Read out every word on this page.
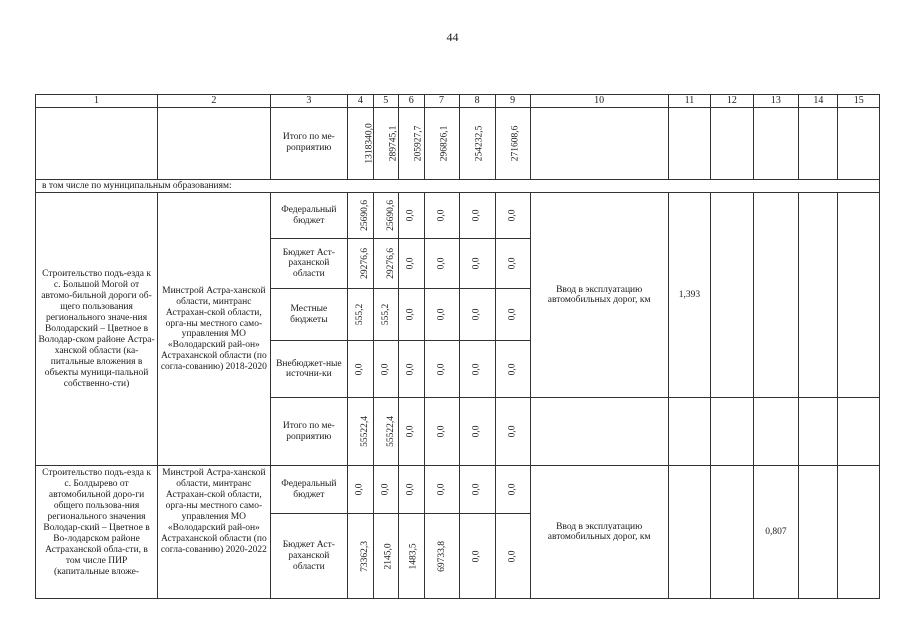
44
1	2	3	4	5	6	7	8	9	10	11	12	13	14	15
		Итого по ме-роприятию	1318340,0	289745,1	205927,7	296826,1	254232,5	271608,6						
в том числе по муниципальным образованиям:														
Строительство подъ-езда к с. Большой Могой от автомо-бильной дороги об-щего пользования регионального значе-ния Володарский – Цветное в Володар-ском районе Астра-ханской области (ка-питальные вложения в объекты муници-пальной собственно-сти)	Минстрой Астра-ханской области, минтранс Астрахан-ской области, орга-ны местного само-управления МО «Володарский рай-он» Астраханской области (по согла-сованию) 2018-2020	Федеральный бюджет	25690,6	25690,6	0,0	0,0	0,0	0,0	Ввод в эксплуатацию автомобильных дорог, км	1,393				
		Бюджет Аст-раханской области	29276,6	29276,6	0,0	0,0	0,0	0,0						
		Местные бюджеты	555,2	555,2	0,0	0,0	0,0	0,0						
		Внебюджет-ные источни-ки	0,0	0,0	0,0	0,0	0,0	0,0						
		Итого по ме-роприятию	55522,4	55522,4	0,0	0,0	0,0	0,0						
Строительство подъ-езда к с. Болдырево от автомобильной доро-ги общего пользова-ния регионального значения Володар-ский – Цветное в Во-лодарском районе Астраханской обла-сти, в том числе ПИР (капитальные вложе-	Минстрой Астра-ханской области, минтранс Астрахан-ской области, орга-ны местного само-управления МО «Володарский рай-он» Астраханской области (по согла-сованию) 2020-2022	Федеральный бюджет	0,0	0,0	0,0	0,0	0,0	0,0	Ввод в эксплуатацию автомобильных дорог, км			0,807		
		Бюджет Аст-раханской области	73362,3	2145,0	1483,5	69733,8	0,0	0,0						
